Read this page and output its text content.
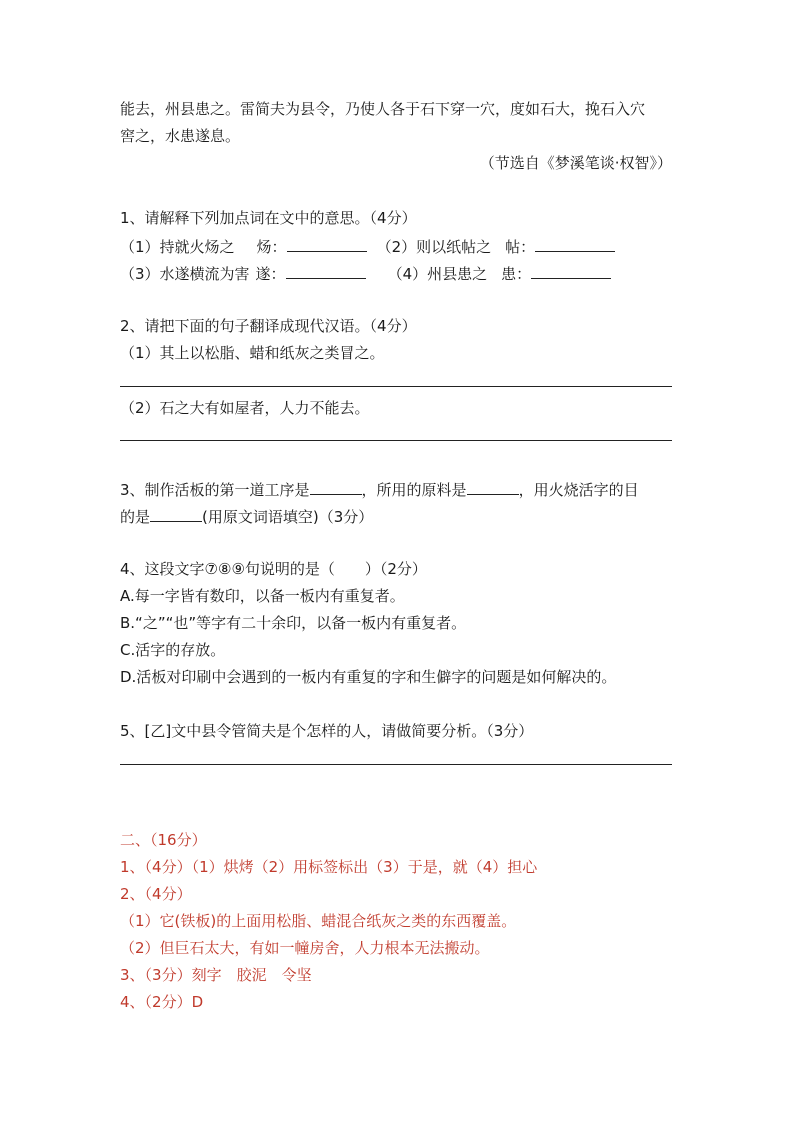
能去，州县患之。雷简夫为县令，乃使人各于石下穿一穴，度如石大，挽石入穴
窖之，水患遂息。
（节选自《梦溪笔谈·权智》）
1、请解释下列加点词在文中的意思。（4分）
（1）持就火炀之 炀：	（2）则以纸帖之 帖：
（3）水遂横流为害 遂：	（4）州县患之 患：
2、请把下面的句子翻译成现代汉语。（4分）
（1）其上以松脂、蜡和纸灰之类冒之。
（2）石之大有如屋者，人力不能去。
3、制作活板的第一道工序是	，所用的原料是	，用火烧活字的目
的是	(用原文词语填空)（3分）
4、这段文字⑦⑧⑨句说明的是（　　）（2分）
A.每一字皆有数印，以备一板内有重复者。
B.“之”“也”等字有二十余印，以备一板内有重复者。
C.活字的存放。
D.活板对印刷中会遇到的一板内有重复的字和生僻字的问题是如何解决的。
5、[乙]文中县令管简夫是个怎样的人，请做简要分析。（3分）
二、（16分）
1、（4分）（1）烘烤（2）用标签标出（3）于是，就（4）担心
2、（4分）
（1）它(铁板)的上面用松脂、蜡混合纸灰之类的东西覆盖。
（2）但巨石太大，有如一幢房舍，人力根本无法搬动。
3、（3分）刻字　胶泥　令坚
4、（2分）D
